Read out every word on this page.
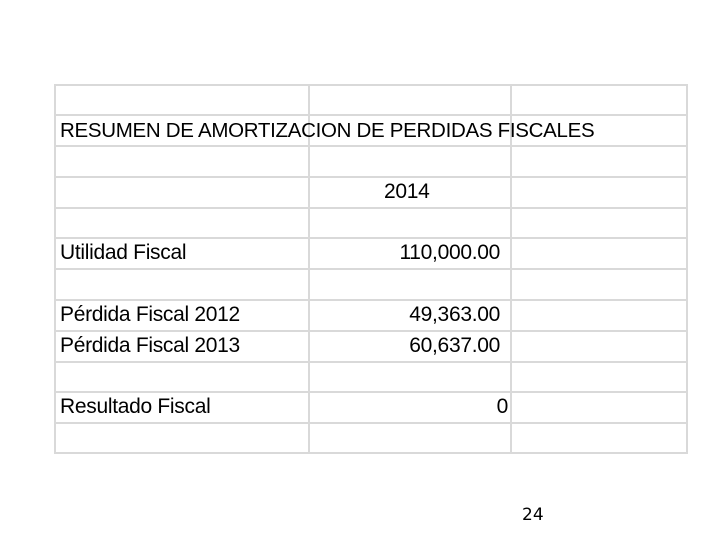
RESUMEN DE AMORTIZACION DE PERDIDAS FISCALES
2014
Utilidad Fiscal	110,000.00
Pérdida Fiscal 2012	49,363.00
Pérdida Fiscal 2013	60,637.00
Resultado Fiscal	0
24
